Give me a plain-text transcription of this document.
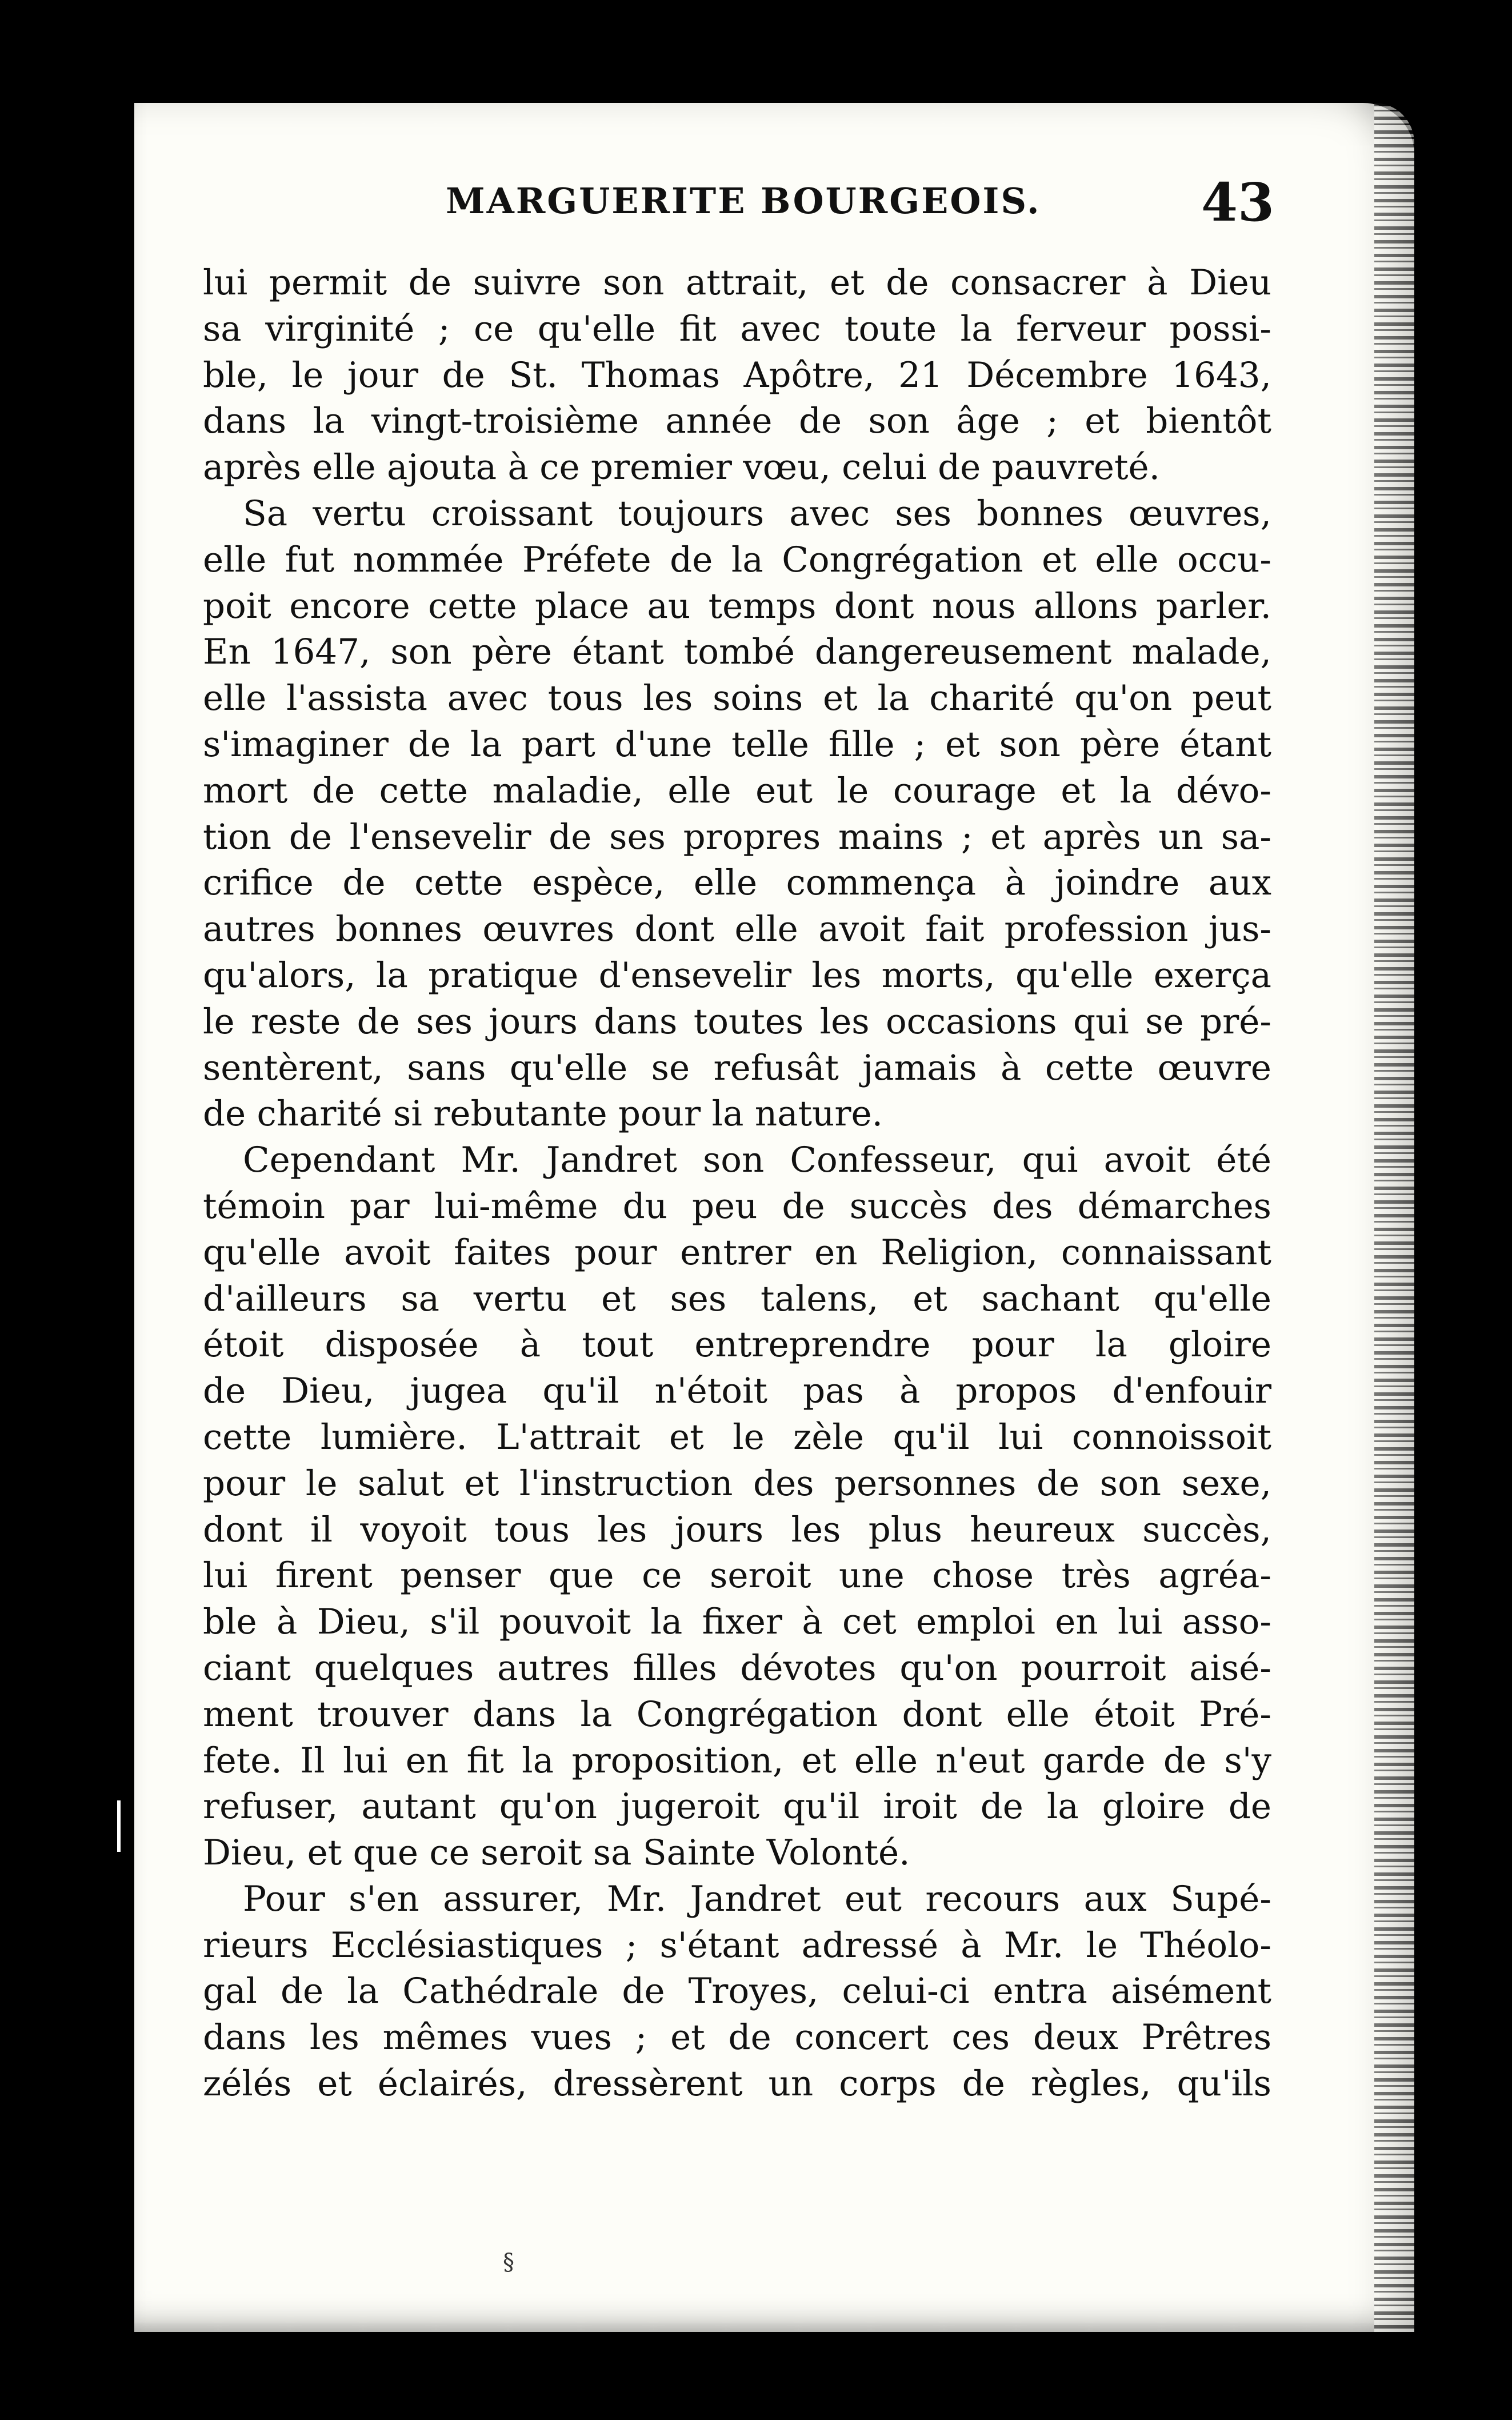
MARGUERITE BOURGEOIS.	43
lui permit de suivre son attrait, et de consacrer à Dieu
sa virginité ; ce qu'elle fit avec toute la ferveur possi-
ble, le jour de St. Thomas Apôtre, 21 Décembre 1643,
dans la vingt-troisième année de son âge ; et bientôt
après elle ajouta à ce premier vœu, celui de pauvreté.
Sa vertu croissant toujours avec ses bonnes œuvres,
elle fut nommée Préfete de la Congrégation et elle occu-
poit encore cette place au temps dont nous allons parler.
En 1647, son père étant tombé dangereusement malade,
elle l'assista avec tous les soins et la charité qu'on peut
s'imaginer de la part d'une telle fille ; et son père étant
mort de cette maladie, elle eut le courage et la dévo-
tion de l'ensevelir de ses propres mains ; et après un sa-
crifice de cette espèce, elle commença à joindre aux
autres bonnes œuvres dont elle avoit fait profession jus-
qu'alors, la pratique d'ensevelir les morts, qu'elle exerça
le reste de ses jours dans toutes les occasions qui se pré-
sentèrent, sans qu'elle se refusât jamais à cette œuvre
de charité si rebutante pour la nature.
Cependant Mr. Jandret son Confesseur, qui avoit été
témoin par lui-même du peu de succès des démarches
qu'elle avoit faites pour entrer en Religion, connaissant
d'ailleurs sa vertu et ses talens, et sachant qu'elle
étoit disposée à tout entreprendre pour la gloire
de Dieu, jugea qu'il n'étoit pas à propos d'enfouir
cette lumière. L'attrait et le zèle qu'il lui connoissoit
pour le salut et l'instruction des personnes de son sexe,
dont il voyoit tous les jours les plus heureux succès,
lui firent penser que ce seroit une chose très agréa-
ble à Dieu, s'il pouvoit la fixer à cet emploi en lui asso-
ciant quelques autres filles dévotes qu'on pourroit aisé-
ment trouver dans la Congrégation dont elle étoit Pré-
fete. Il lui en fit la proposition, et elle n'eut garde de s'y
refuser, autant qu'on jugeroit qu'il iroit de la gloire de
Dieu, et que ce seroit sa Sainte Volonté.
Pour s'en assurer, Mr. Jandret eut recours aux Supé-
rieurs Ecclésiastiques ; s'étant adressé à Mr. le Théolo-
gal de la Cathédrale de Troyes, celui-ci entra aisément
dans les mêmes vues ; et de concert ces deux Prêtres
zélés et éclairés, dressèrent un corps de règles, qu'ils
§
